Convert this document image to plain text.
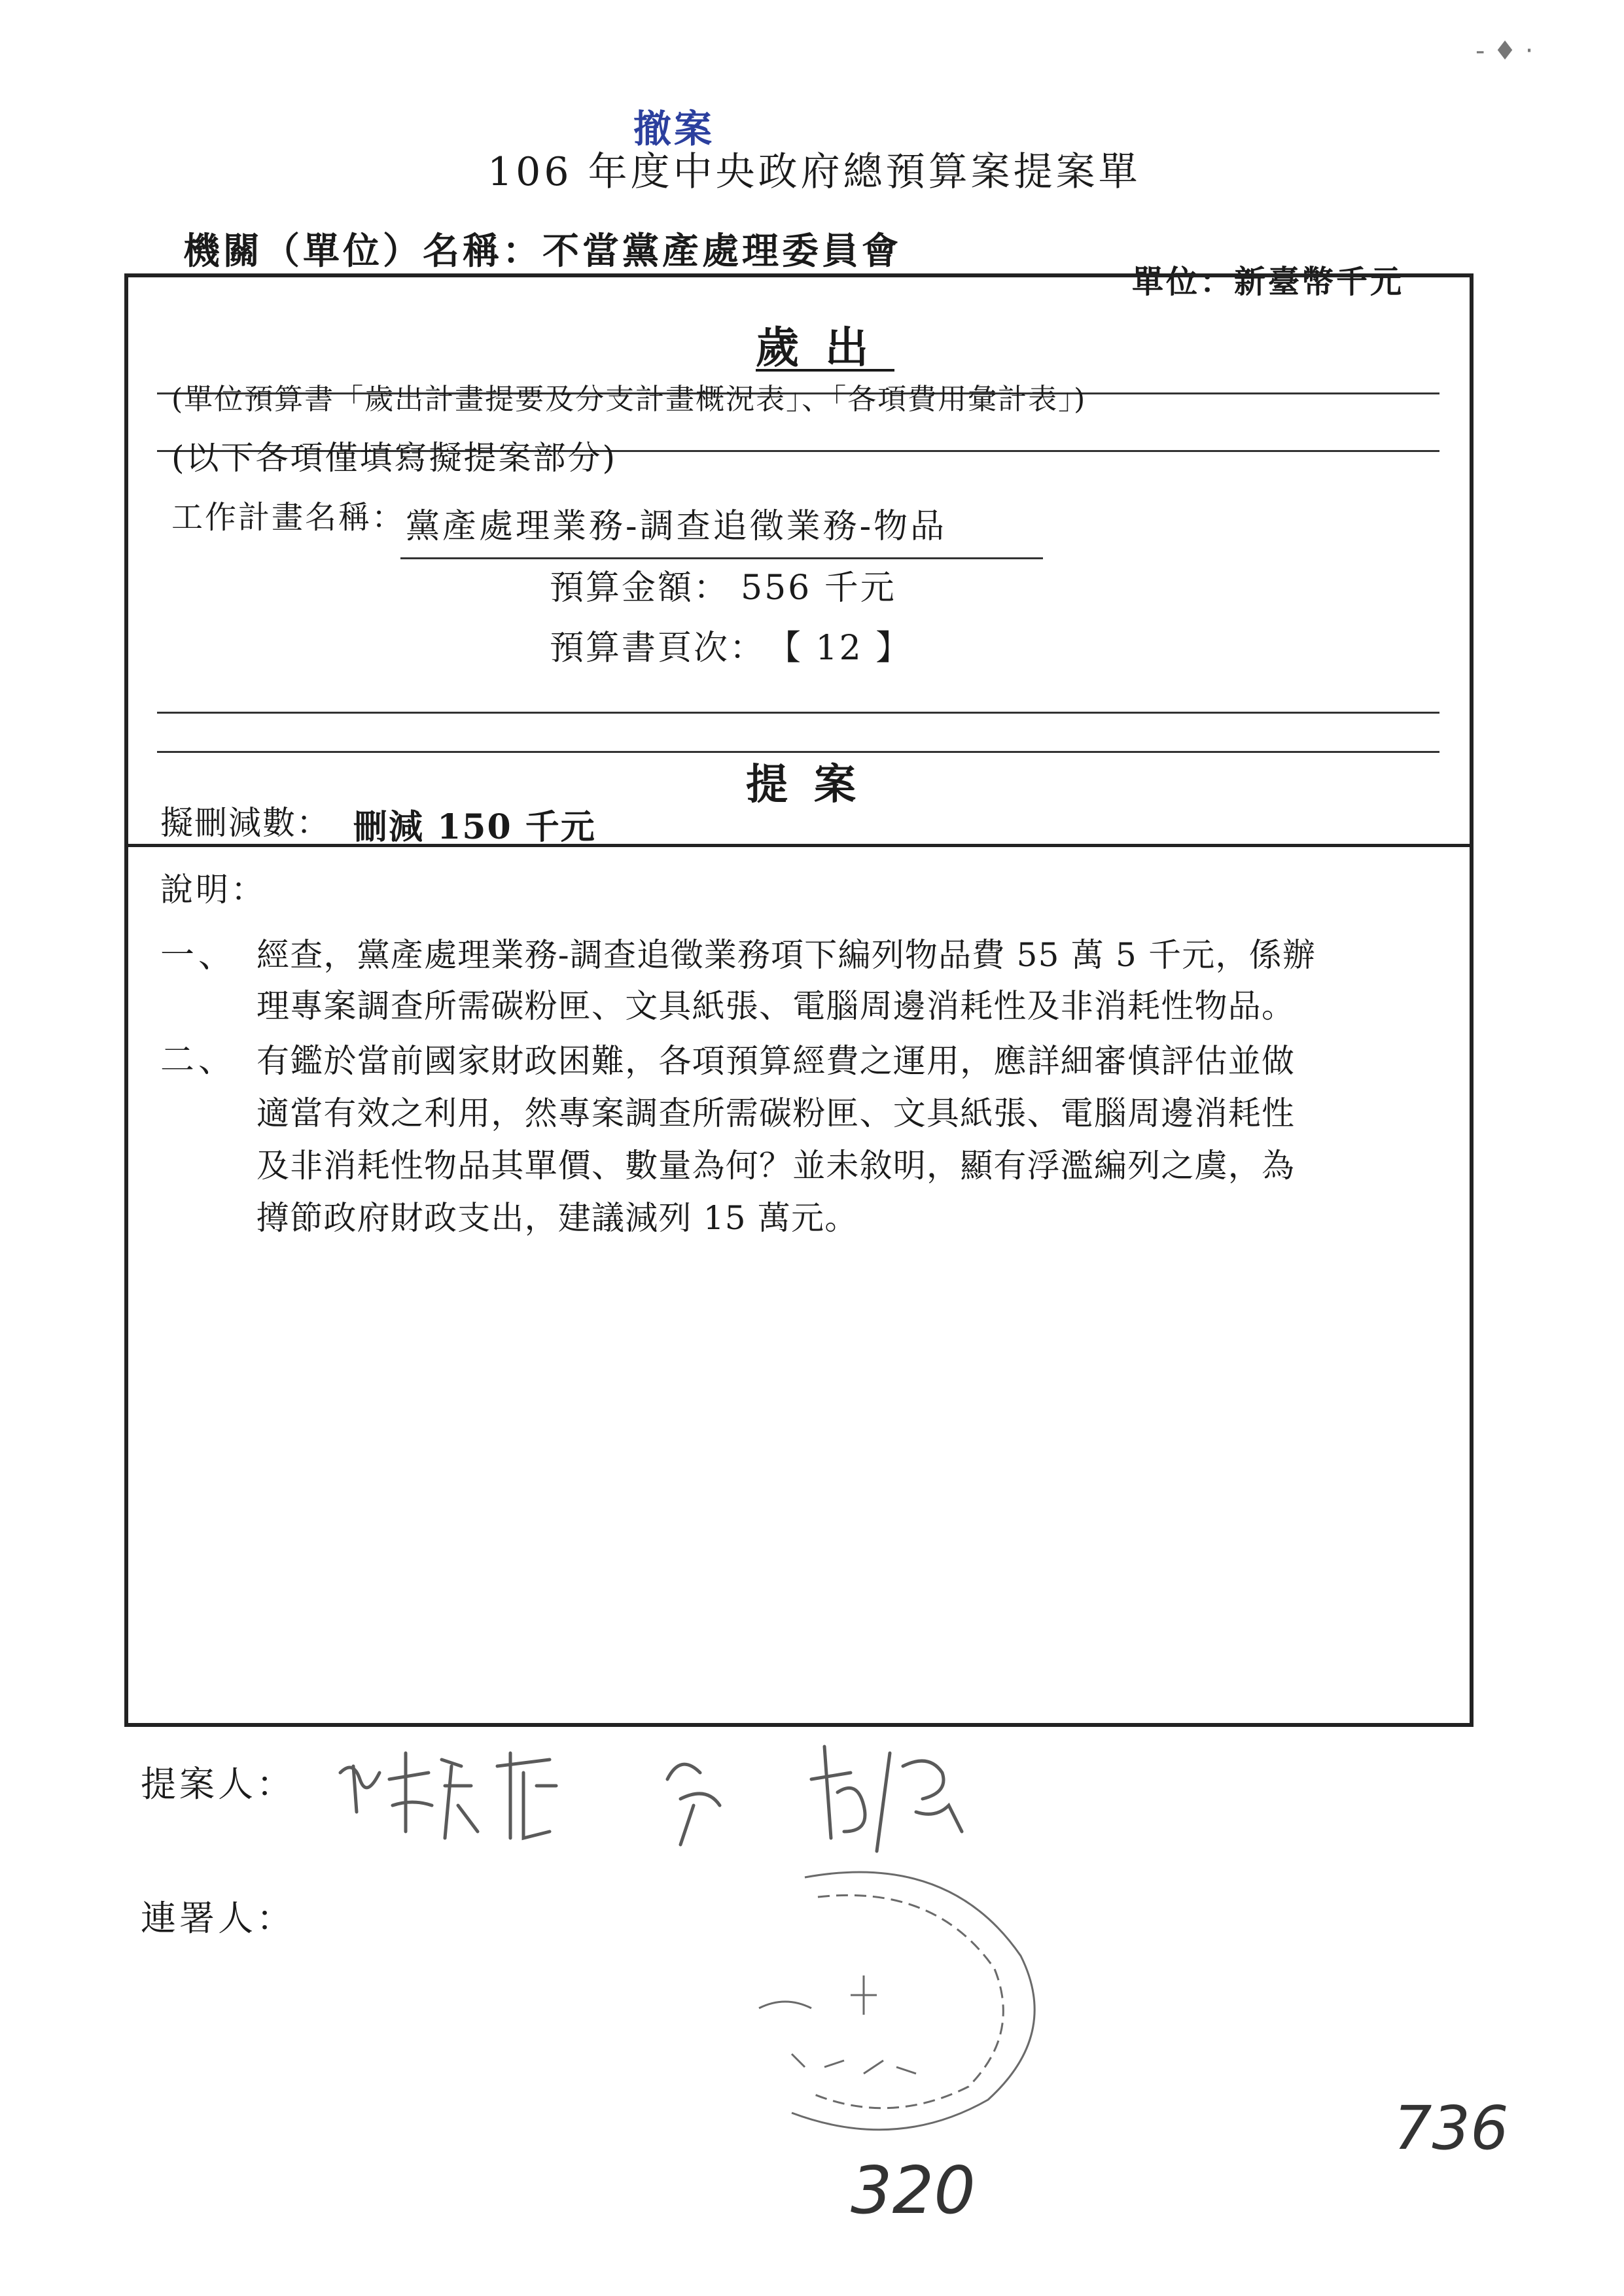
‐ ♦ ·
撤案
106 年度中央政府總預算案提案單
機關（單位）名稱：不當黨產處理委員會
單位：新臺幣千元
歲出
(單位預算書「歲出計畫提要及分支計畫概況表」、「各項費用彙計表」)
(以下各項僅填寫擬提案部分)
工作計畫名稱： 黨產處理業務-調查追徵業務-物品
預算金額： 556 千元
預算書頁次： 【 12 】
提案
擬刪減數： 刪減 150 千元
說明：
一、 經查，黨產處理業務-調查追徵業務項下編列物品費 55 萬 5 千元，係辦
理專案調查所需碳粉匣、文具紙張、電腦周邊消耗性及非消耗性物品。
二、 有鑑於當前國家財政困難，各項預算經費之運用，應詳細審慎評估並做
適當有效之利用，然專案調查所需碳粉匣、文具紙張、電腦周邊消耗性
及非消耗性物品其單價、數量為何？並未敘明，顯有浮濫編列之虞，為
撙節政府財政支出，建議減列 15 萬元。
提案人：
連署人：
736
320
